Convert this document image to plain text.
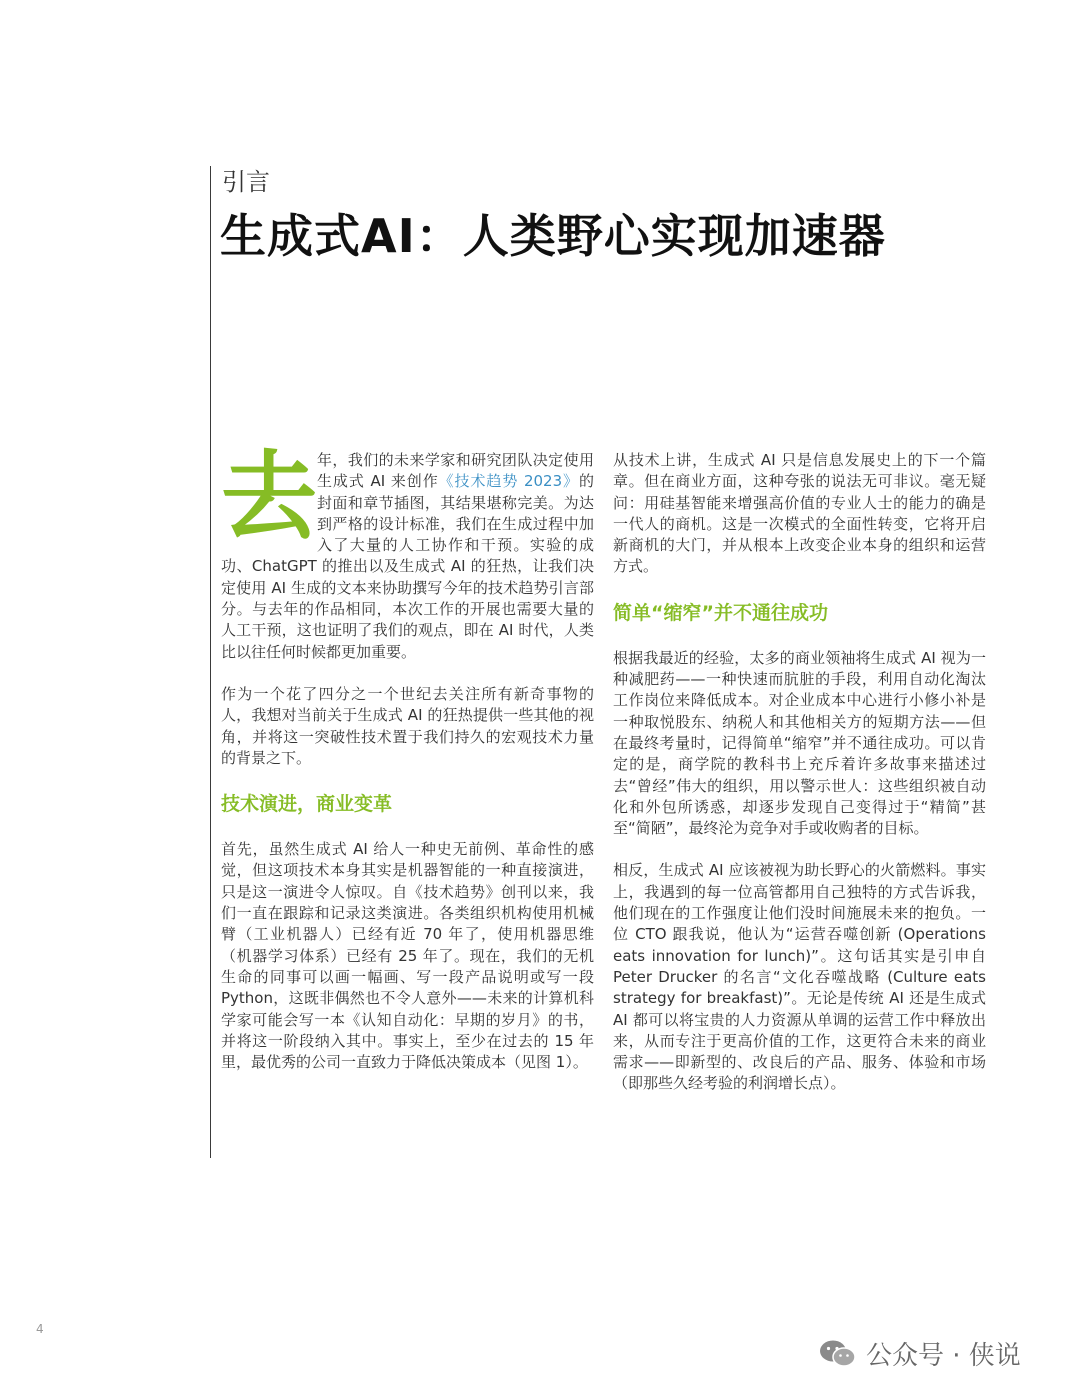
引言
生成式AI：人类野心实现加速器

去年，我们的未来学家和研究团队决定使用生成式 AI 来创作《技术趋势 2023》的封面和章节插图，其结果堪称完美。为达到严格的设计标准，我们在生成过程中加入了大量的人工协作和干预。实验的成功、ChatGPT 的推出以及生成式 AI 的狂热，让我们决定使用 AI 生成的文本来协助撰写今年的技术趋势引言部分。与去年的作品相同，本次工作的开展也需要大量的人工干预，这也证明了我们的观点，即在 AI 时代，人类比以往任何时候都更加重要。

作为一个花了四分之一个世纪去关注所有新奇事物的人，我想对当前关于生成式 AI 的狂热提供一些其他的视角，并将这一突破性技术置于我们持久的宏观技术力量的背景之下。

技术演进，商业变革

首先，虽然生成式 AI 给人一种史无前例、革命性的感觉，但这项技术本身其实是机器智能的一种直接演进，只是这一演进令人惊叹。自《技术趋势》创刊以来，我们一直在跟踪和记录这类演进。各类组织机构使用机械臂（工业机器人）已经有近 70 年了，使用机器思维（机器学习体系）已经有 25 年了。现在，我们的无机生命的同事可以画一幅画、写一段产品说明或写一段 Python，这既非偶然也不令人意外——未来的计算机科学家可能会写一本《认知自动化：早期的岁月》的书，并将这一阶段纳入其中。事实上，至少在过去的 15 年里，最优秀的公司一直致力于降低决策成本（见图 1）。

从技术上讲，生成式 AI 只是信息发展史上的下一个篇章。但在商业方面，这种夸张的说法无可非议。毫无疑问：用硅基智能来增强高价值的专业人士的能力的确是一代人的商机。这是一次模式的全面性转变，它将开启新商机的大门，并从根本上改变企业本身的组织和运营方式。

简单“缩窄”并不通往成功

根据我最近的经验，太多的商业领袖将生成式 AI 视为一种减肥药——一种快速而肮脏的手段，利用自动化淘汰工作岗位来降低成本。对企业成本中心进行小修小补是一种取悦股东、纳税人和其他相关方的短期方法——但在最终考量时，记得简单“缩窄”并不通往成功。可以肯定的是，商学院的教科书上充斥着许多故事来描述过去“曾经”伟大的组织，用以警示世人：这些组织被自动化和外包所诱惑，却逐步发现自己变得过于“精简”甚至“简陋”，最终沦为竞争对手或收购者的目标。

相反，生成式 AI 应该被视为助长野心的火箭燃料。事实上，我遇到的每一位高管都用自己独特的方式告诉我，他们现在的工作强度让他们没时间施展未来的抱负。一位 CTO 跟我说，他认为“运营吞噬创新 (Operations eats innovation for lunch)”。这句话其实是引申自 Peter Drucker 的名言“文化吞噬战略 (Culture eats strategy for breakfast)”。无论是传统 AI 还是生成式 AI 都可以将宝贵的人力资源从单调的运营工作中释放出来，从而专注于更高价值的工作，这更符合未来的商业需求——即新型的、改良后的产品、服务、体验和市场（即那些久经考验的利润增长点）。

4
公众号 · 侠说
